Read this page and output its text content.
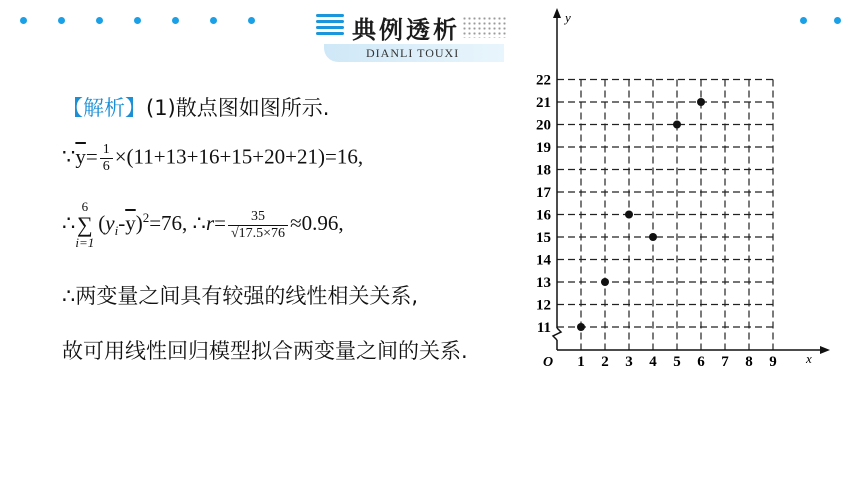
典例透析
DIANLI TOUXI
【解析】(1)散点图如图所示.
$\because\overline{y}= \frac{1}{6} \times(11+13+16+15+20+21)=16$,
∴6
∑
$i=1(y_i-\overline{y})^2=76$, ∴r= $\frac{35}{√17.5\times 76} \approx 0.96$,
∴两变量之间具有较强的线性相关关系,
故可用线性回归模型拟合两变量之间的关系.	x
y
O 1 2 3 4 5 6 7 8 9
11
12
13
14
15
16
17
18
19
20
21
22
